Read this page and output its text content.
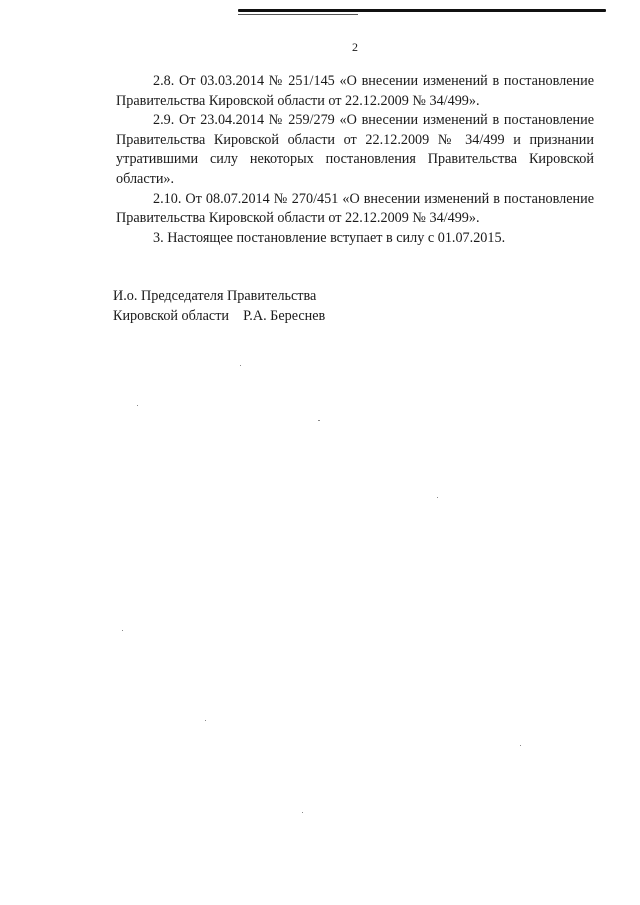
2

2.8. От 03.03.2014 № 251/145 «О внесении изменений в постановление Правительства Кировской области от 22.12.2009 № 34/499».

2.9. От 23.04.2014 № 259/279 «О внесении изменений в постановление Правительства Кировской области от 22.12.2009 № 34/499 и признании утратившими силу некоторых постановления Правительства Кировской области».

2.10. От 08.07.2014 № 270/451 «О внесении изменений в постановление Правительства Кировской области от 22.12.2009 № 34/499».

3. Настоящее постановление вступает в силу с 01.07.2015.

И.о. Председателя Правительства
Кировской области    Р.А. Береснев
